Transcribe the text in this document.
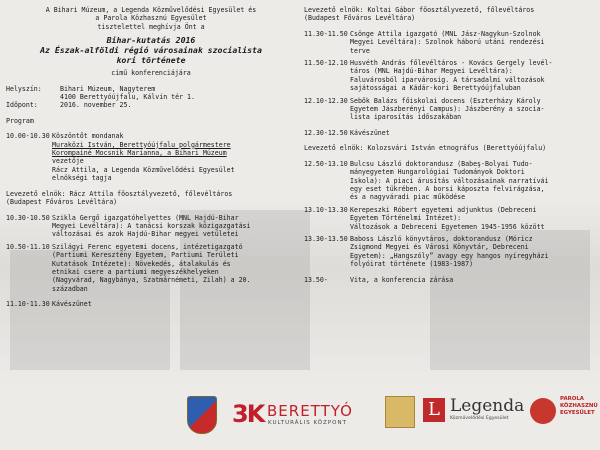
A Bihari Múzeum, a Legenda Közművelődési Egyesület és
a Parola Közhasznú Egyesület
tisztelettel meghívja Önt a
Bihar-kutatás 2016
Az Észak-alföldi régió városainak szocialista
kori története
című konferenciájára
Helyszín:	Bihari Múzeum, Nagyterem
4100 Berettyóújfalu, Kálvin tér 1.
Időpont:	2016. november 25.
Program
10.00-10.30 Köszöntőt mondanak
Muraközi István, Berettyóújfalu polgármestere
Korompainé Mocsnik Marianna, a Bihari Múzeum
vezetője
Rácz Attila, a Legenda Közművelődési Egyesület
elnökségi tagja
Levezető elnök: Rácz Attila főosztályvezető, főlevéltáros
(Budapest Főváros Levéltára)
10.30-10.50 Szikla Gergő igazgatóhelyettes (MNL Hajdú-Bihar
Megyei Levéltára): A tanácsi korszak közigazgatási
változásai és azok Hajdú-Bihar megyei vetületei
10.50-11.10 Szilágyi Ferenc egyetemi docens, intézetigazgató
(Partiumi Keresztény Egyetem, Partiumi Területi
Kutatások Intézete): Növekedés, átalakulás és
etnikai csere a partiumi megyeszékhelyeken
(Nagyvárad, Nagybánya, Szatmárnémeti, Zilah) a 20.
században
11.10-11.30 Kávészünet
Levezető elnök: Koltai Gábor főosztályvezető, főlevéltáros
(Budapest Főváros Levéltára)
11.30-11.50 Csönge Attila igazgató (MNL Jász-Nagykun-Szolnok
Megyei Levéltára): Szolnok háború utáni rendezési
terve
11.50-12.10 Husvéth András főlevéltáros - Kovács Gergely levél-
táros (MNL Hajdú-Bihar Megyei Levéltára):
Faluvárosból iparvárosig. A társadalmi változások
sajátosságai a Kádár-kori Berettyóújfaluban
12.10-12.30 Sebők Balázs főiskolai docens (Eszterházy Károly
Egyetem Jászberényi Campus): Jászberény a szocia-
lista iparosítás időszakában
12.30-12.50 Kávészünet
Levezető elnök: Kolozsvári István etnográfus (Berettyóújfalu)
12.50-13.10 Bulcsu László doktorandusz (Babeş-Bolyai Tudo-
mányegyetem Hungarológiai Tudományok Doktori
Iskola): A piaci árusítás változásainak narratívái
egy eset tükrében. A borsi káposzta felvirágzása,
és a nagyváradi piac működése
13.10-13.30 Kerepeszki Róbert egyetemi adjunktus (Debreceni
Egyetem Történelmi Intézet):
Változások a Debreceni Egyetemen 1945-1956 között
13.30-13.50 Baboss László könyvtáros, doktorandusz (Móricz
Zsigmond Megyei és Városi Könyvtár, Debreceni
Egyetem): „Hangszóly” avagy egy hangos nyíregyházi
folyóirat története (1983-1987)
13.50-	Vita, a konferencia zárása
3K BERETTYÓ
KULTURÁLIS KÖZPONT
L Legenda
Közművelődési Egyesület
PAROLA
KÖZHASZNÚ
EGYESÜLET
